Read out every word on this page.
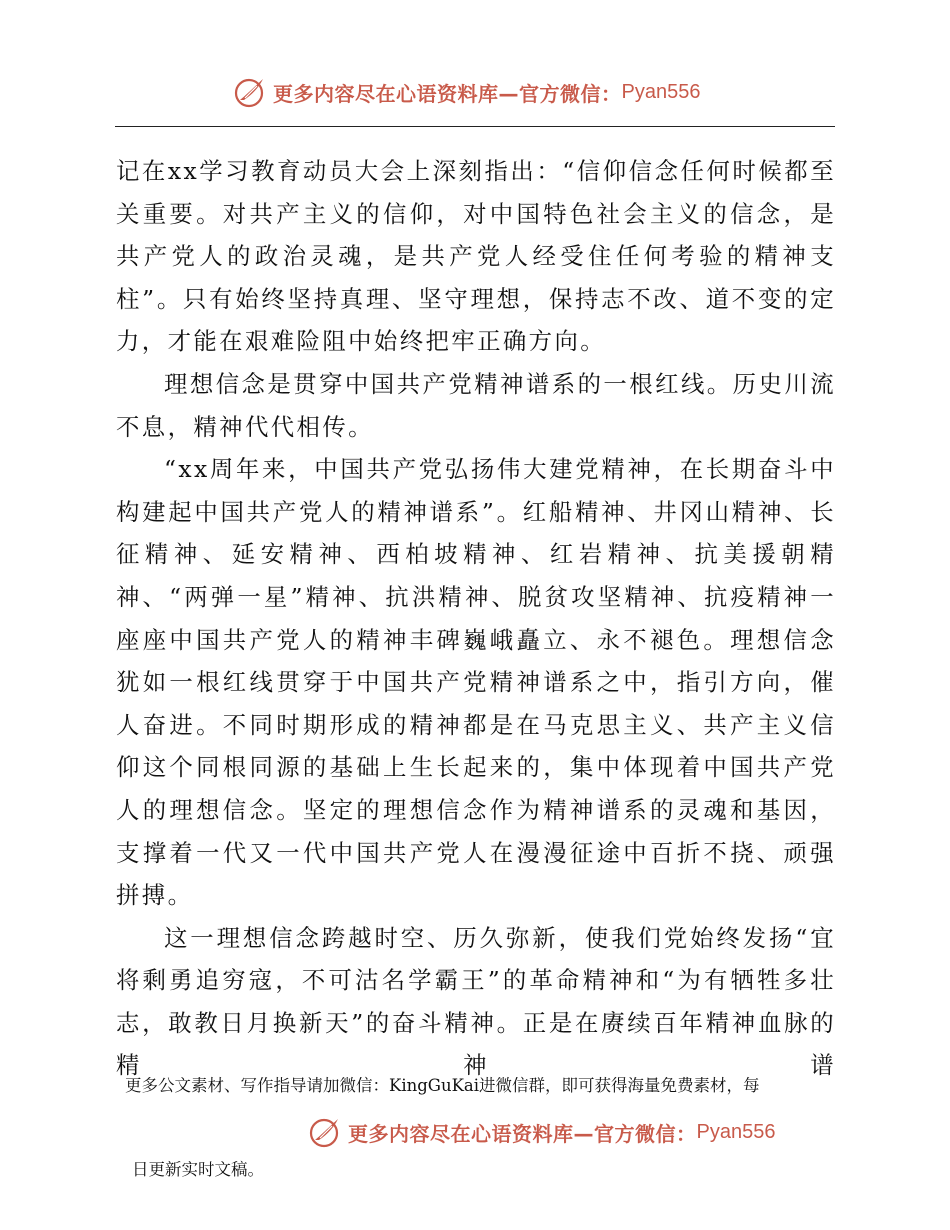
更多内容尽在心语资料库—官方微信： Pyan556

记在xx学习教育动员大会上深刻指出：“信仰信念任何时候都至关重要。对共产主义的信仰，对中国特色社会主义的信念，是共产党人的政治灵魂，是共产党人经受住任何考验的精神支柱”。只有始终坚持真理、坚守理想，保持志不改、道不变的定力，才能在艰难险阻中始终把牢正确方向。

理想信念是贯穿中国共产党精神谱系的一根红线。历史川流不息，精神代代相传。

“xx周年来，中国共产党弘扬伟大建党精神，在长期奋斗中构建起中国共产党人的精神谱系”。红船精神、井冈山精神、长征精神、延安精神、西柏坡精神、红岩精神、抗美援朝精神、“两弹一星”精神、抗洪精神、脱贫攻坚精神、抗疫精神一座座中国共产党人的精神丰碑巍峨矗立、永不褪色。理想信念犹如一根红线贯穿于中国共产党精神谱系之中，指引方向，催人奋进。不同时期形成的精神都是在马克思主义、共产主义信仰这个同根同源的基础上生长起来的，集中体现着中国共产党人的理想信念。坚定的理想信念作为精神谱系的灵魂和基因，支撑着一代又一代中国共产党人在漫漫征途中百折不挠、顽强拼搏。

这一理想信念跨越时空、历久弥新，使我们党始终发扬“宜将剩勇追穷寇，不可沽名学霸王”的革命精神和“为有牺牲多壮志，敢教日月换新天”的奋斗精神。正是在赓续百年精神血脉的精神谱

更多公文素材、写作指导请加微信：KingGuKai进微信群，即可获得海量免费素材，每
更多内容尽在心语资料库—官方微信： Pyan556
日更新实时文稿。
